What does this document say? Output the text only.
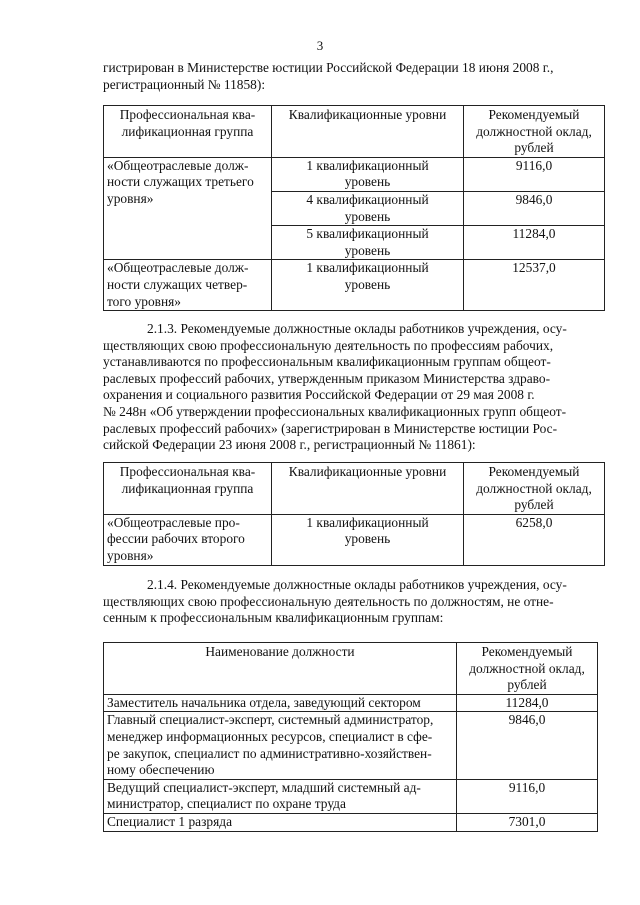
3
гистрирован в Министерстве юстиции Российской Федерации 18 июня 2008 г.,
регистрационный № 11858):
Профессиональная ква-
лификационная группа	Квалификационные уровни	Рекомендуемый
должностной оклад,
рублей

«Общеотраслевые долж-
ности служащих третьего
уровня»	1 квалификационный
уровень	9116,0

	4 квалификационный
уровень	9846,0

	5 квалификационный
уровень	11284,0

«Общеотраслевые долж-
ности служащих четвер-
того уровня»	1 квалификационный
уровень	12537,0
2.1.3. Рекомендуемые должностные оклады работников учреждения, осу-
ществляющих свою профессиональную деятельность по профессиям рабочих,
устанавливаются по профессиональным квалификационным группам общеот-
раслевых профессий рабочих, утвержденным приказом Министерства здраво-
охранения и социального развития Российской Федерации от 29 мая 2008 г.
№ 248н «Об утверждении профессиональных квалификационных групп общеот-
раслевых профессий рабочих» (зарегистрирован в Министерстве юстиции Рос-
сийской Федерации 23 июня 2008 г., регистрационный № 11861):
Профессиональная ква-
лификационная группа	Квалификационные уровни	Рекомендуемый
должностной оклад,
рублей

«Общеотраслевые про-
фессии рабочих второго
уровня»	1 квалификационный
уровень	6258,0
2.1.4. Рекомендуемые должностные оклады работников учреждения, осу-
ществляющих свою профессиональную деятельность по должностям, не отне-
сенным к профессиональным квалификационным группам:
Наименование должности	Рекомендуемый
должностной оклад,
рублей

Заместитель начальника отдела, заведующий сектором	11284,0

Главный специалист-эксперт, системный администратор,
менеджер информационных ресурсов, специалист в сфе-
ре закупок, специалист по административно-хозяйствен-
ному обеспечению	9846,0

Ведущий специалист-эксперт, младший системный ад-
министратор, специалист по охране труда	9116,0

Специалист 1 разряда	7301,0
